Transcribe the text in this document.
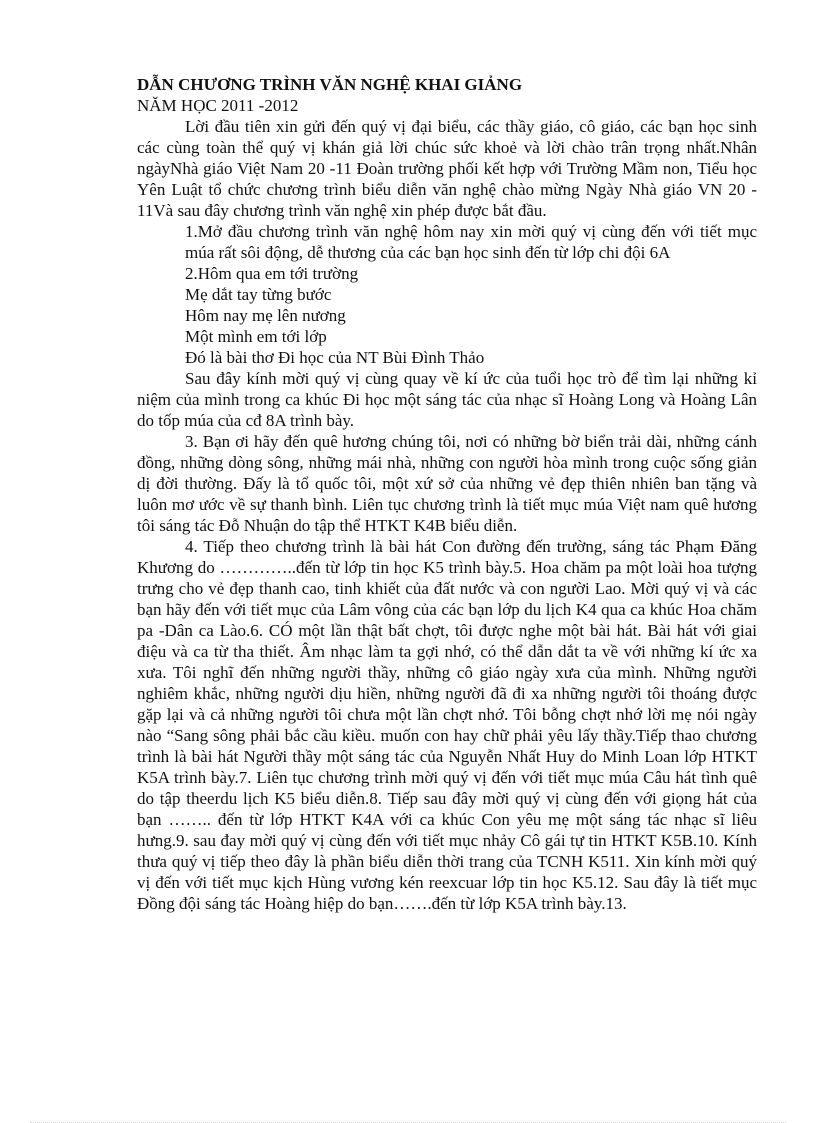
DẪN CHƯƠNG TRÌNH VĂN NGHỆ KHAI GIẢNG

NĂM HỌC 2011 -2012

Lời đầu tiên xin gửi đến quý vị đại biểu, các thầy giáo, cô giáo, các bạn học sinh các cùng toàn thể quý vị khán giả lời chúc sức khoẻ và lời chào trân trọng nhất.Nhân ngàyNhà giáo Việt Nam 20 -11 Đoàn trường phối kết hợp với Trường Mầm non, Tiểu học Yên Luật tổ chức chương trình biểu diễn văn nghệ chào mừng Ngày Nhà giáo VN 20 - 11Và sau đây chương trình văn nghệ xin phép được bắt đầu.

1.Mở đầu chương trình văn nghệ hôm nay xin mời quý vị cùng đến với tiết mục múa rất sôi động, dễ thương của các bạn học sinh đến từ lớp chi đội 6A

2.Hôm qua em tới trường

Mẹ dắt tay từng bước

Hôm nay mẹ lên nương

Một mình em tới lớp

Đó là bài thơ Đi học của NT Bùi Đình Thảo

Sau đây kính mời quý vị cùng quay về kí ức của tuổi học trò để tìm lại những kỉ niệm của mình trong ca khúc Đi học một sáng tác của nhạc sĩ Hoàng Long và Hoàng Lân do tốp múa của cđ 8A trình bày.

3. Bạn ơi hãy đến quê hương chúng tôi, nơi có những bờ biển trải dài, những cánh đồng, những dòng sông, những mái nhà, những con người hòa mình trong cuộc sống giản dị đời thường. Đấy là tổ quốc tôi, một xứ sở của những vẻ đẹp thiên nhiên ban tặng và luôn mơ ước về sự thanh bình. Liên tục chương trình là tiết mục múa Việt nam quê hương tôi sáng tác Đỗ Nhuận do tập thể HTKT K4B biểu diễn.

4. Tiếp theo chương trình là bài hát Con đường đến trường, sáng tác Phạm Đăng Khương do …………..đến từ lớp tin học K5 trình bày.5. Hoa chăm pa một loài hoa tượng trưng cho vẻ đẹp thanh cao, tinh khiết của đất nước và con người Lao. Mời quý vị và các bạn hãy đến với tiết mục của Lâm vông của các bạn lớp du lịch K4 qua ca khúc Hoa chăm pa -Dân ca Lào.6. CÓ một lần thật bất chợt, tôi được nghe một bài hát. Bài hát với giai điệu và ca từ tha thiết. Âm nhạc làm ta gợi nhớ, có thể dẫn dắt ta về với những kí ức xa xưa. Tôi nghĩ đến những người thầy, những cô giáo ngày xưa của mình. Những người nghiêm khắc, những người dịu hiền, những người đã đi xa những người tôi thoáng được gặp lại và cả những người tôi chưa một lần chợt nhớ. Tôi bỗng chợt nhớ lời mẹ nói ngày nào “Sang sông phải bắc cầu kiều. muốn con hay chữ phải yêu lấy thầy.Tiếp thao chương trình là bài hát Người thầy một sáng tác của Nguyễn Nhất Huy do Minh Loan lớp HTKT K5A trình bày.7. Liên tục chương trình mời quý vị đến với tiết mục múa Câu hát tình quê do tập theerdu lịch K5 biểu diễn.8. Tiếp sau đây mời quý vị cùng đến với giọng hát của bạn …….. đến từ lớp HTKT K4A với ca khúc Con yêu mẹ một sáng tác nhạc sĩ liêu hưng.9. sau đay mời quý vị cùng đến với tiết mục nhảy Cô gái tự tin HTKT K5B.10. Kính thưa quý vị tiếp theo đây là phần biểu diễn thời trang của TCNH K511. Xin kính mời quý vị đến với tiết mục kịch Hùng vương kén reexcuar lớp tin học K5.12. Sau đây là tiết mục Đồng đội sáng tác Hoàng hiệp do bạn…….đến từ lớp K5A trình bày.13.
